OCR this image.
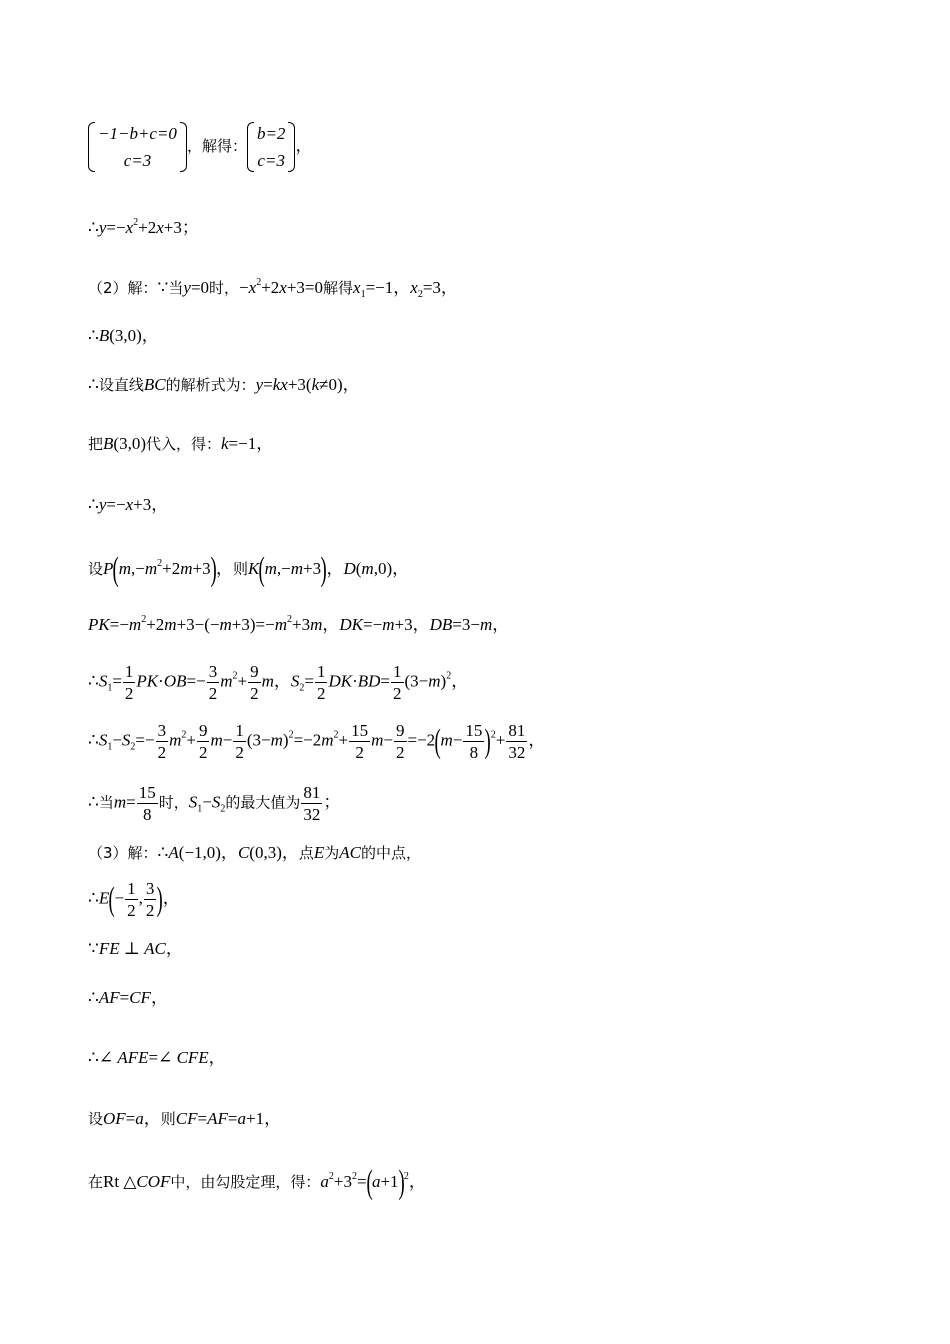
−1−b+c=0
c=3
，解得：
b=2
c=3
，
$\therefore y=-x^2+2x+3$；
（2）解：∵当y=0时，$-x^2+2x+3=0$解得$x_1=-1$，$x_2=3$，
∴B(3,0)，
∴设直线BC的解析式为：y=kx+3(k≠0)，
把B(3,0)代入，得：k=−1，
∴y=−x+3，
设$P(m,-m^2+2m+3)$，则K(m,−m+3)，D(m,0)，
$PK=-m^2+2m+3-(-m+3)=-m^2+3m$，DK=−m+3，DB=3−m，
$\therefore S_1= \frac{1}{2} PK\cdot OB=- \frac{3}{2} m^2+ \frac{9}{2}$ m，$S_2= \frac{1}{2} DK\cdot BD= \frac{1}{2} (3-m)^2$，
$\therefore S_1-S_2=- \frac{3}{2} m^2+ \frac{9}{2} m- \frac{1}{2} (3-m)^2=-2m^2+ \frac{15}{2} m- \frac{9}{2} =-2(m- \frac{15}{8} )^2+ \frac{81}{32}$ ，
∴当$m= \frac{15}{8}$ 时，$S_1-S_2$的最大值为 $\frac{81}{32}$ ；
（3）解：∴A(−1,0)，C(0,3)，点E为AC的中点，
∴E(− $\frac{1}{2}$ , $\frac{3}{2}$ )，
∵FE ⊥ AC，
∴AF=CF，
∴∠ AFE=∠ CFE，
设OF=a，则CF=AF=a+1，
在Rt △COF中，由勾股定理，得：$a^2+3^2=(a+1)^2$，
